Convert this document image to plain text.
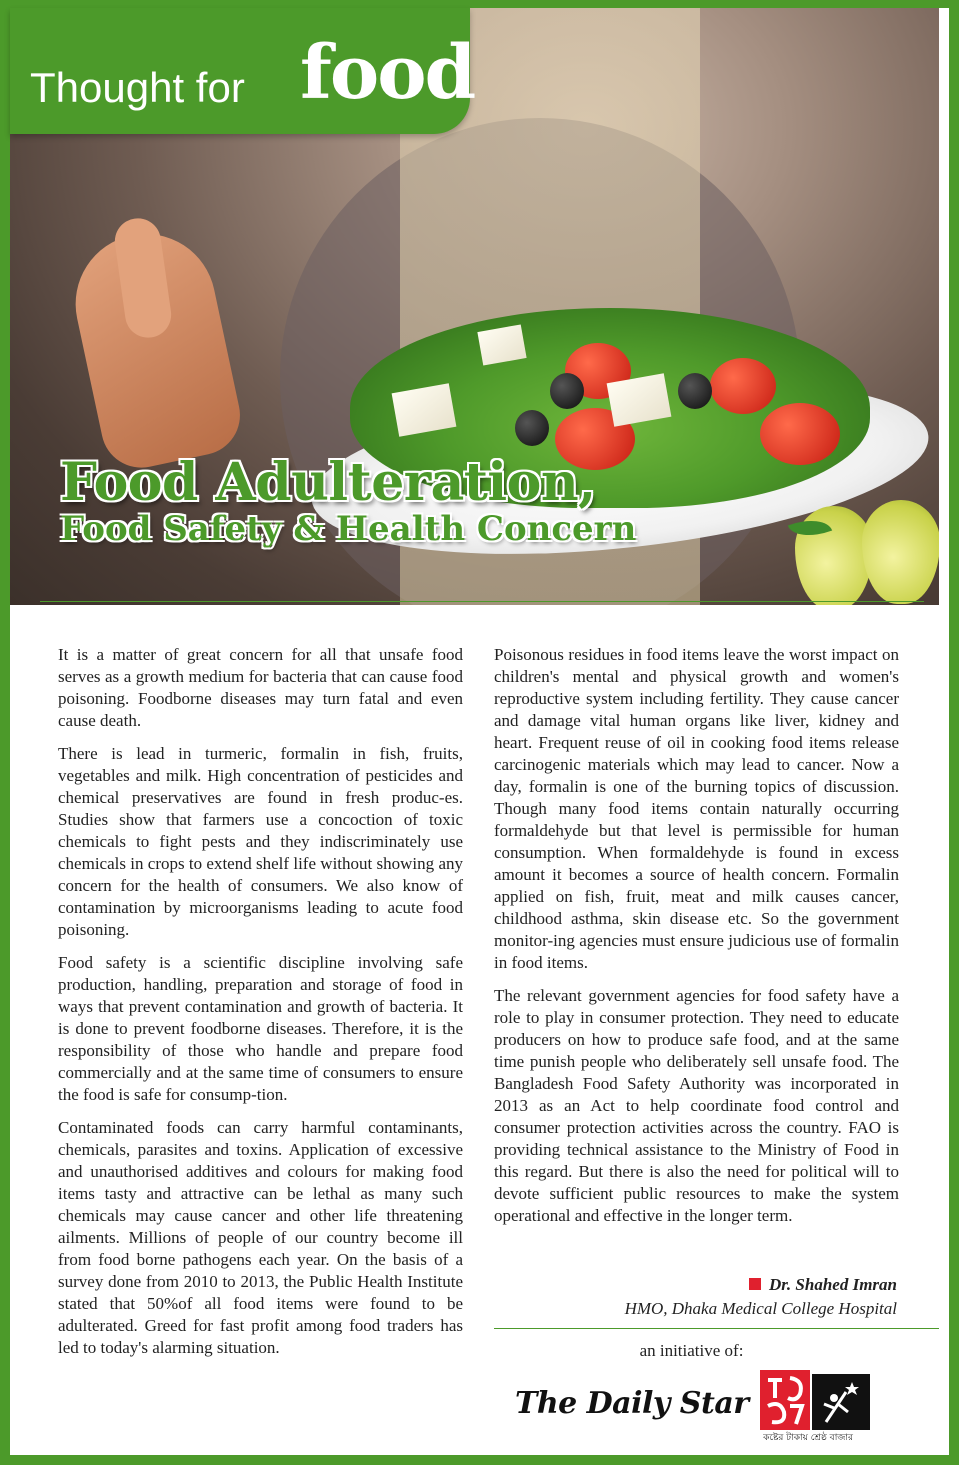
Thought for food
Food Adulteration,
Food Safety & Health Concern

It is a matter of great concern for all that unsafe food serves as a growth medium for bacteria that can cause food poisoning. Foodborne diseases may turn fatal and even cause death.

There is lead in turmeric, formalin in fish, fruits, vegetables and milk. High concentration of pesticides and chemical preservatives are found in fresh produc-es. Studies show that farmers use a concoction of toxic chemicals to fight pests and they indiscriminately use chemicals in crops to extend shelf life without showing any concern for the health of consumers. We also know of contamination by microorganisms leading to acute food poisoning.

Food safety is a scientific discipline involving safe production, handling, preparation and storage of food in ways that prevent contamination and growth of bacteria. It is done to prevent foodborne diseases. Therefore, it is the responsibility of those who handle and prepare food commercially and at the same time of consumers to ensure the food is safe for consump-tion.

Contaminated foods can carry harmful contaminants, chemicals, parasites and toxins. Application of excessive and unauthorised additives and colours for making food items tasty and attractive can be lethal as many such chemicals may cause cancer and other life threatening ailments. Millions of people of our country become ill from food borne pathogens each year. On the basis of a survey done from 2010 to 2013, the Public Health Institute stated that 50%of all food items were found to be adulterated. Greed for fast profit among food traders has led to today's alarming situation.

Poisonous residues in food items leave the worst impact on children's mental and physical growth and women's reproductive system including fertility. They cause cancer and damage vital human organs like liver, kidney and heart. Frequent reuse of oil in cooking food items release carcinogenic materials which may lead to cancer. Now a day, formalin is one of the burning topics of discussion. Though many food items contain naturally occurring formaldehyde but that level is permissible for human consumption. When formaldehyde is found in excess amount it becomes a source of health concern. Formalin applied on fish, fruit, meat and milk causes cancer, childhood asthma, skin disease etc. So the government monitor-ing agencies must ensure judicious use of formalin in food items.

The relevant government agencies for food safety have a role to play in consumer protection. They need to educate producers on how to produce safe food, and at the same time punish people who deliberately sell unsafe food. The Bangladesh Food Safety Authority was incorporated in 2013 as an Act to help coordinate food control and consumer protection activities across the country. FAO is providing technical assistance to the Ministry of Food in this regard. But there is also the need for political will to devote sufficient public resources to make the system operational and effective in the longer term.

Dr. Shahed Imran
HMO, Dhaka Medical College Hospital
an initiative of:
The Daily Star
কষ্টের টাকায় শ্রেষ্ঠ বাজার
